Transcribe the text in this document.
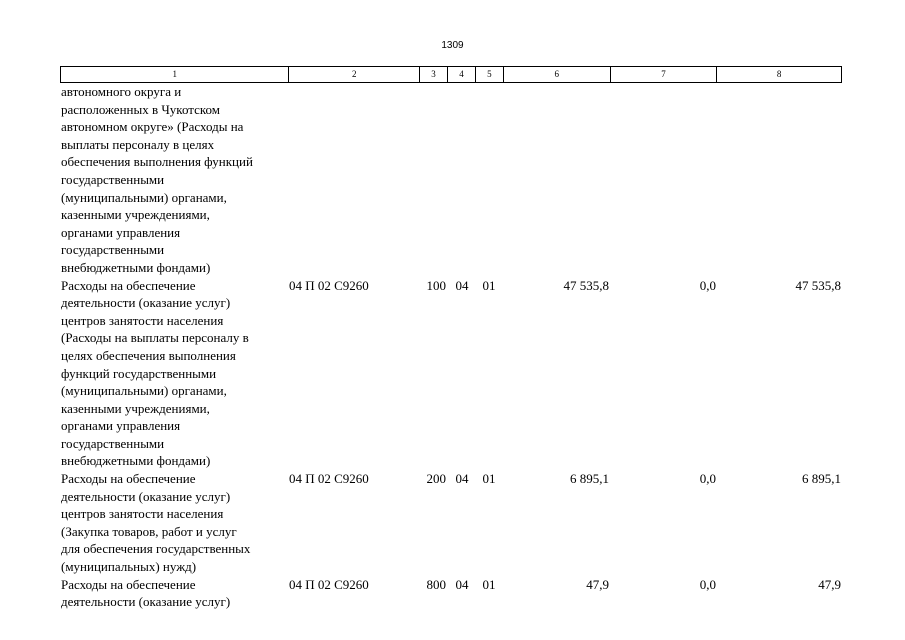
1309
1	2	3	4	5	6	7	8
автономного округа и
расположенных в Чукотском
автономном округе» (Расходы на
выплаты персоналу в целях
обеспечения выполнения функций
государственными
(муниципальными) органами,
казенными учреждениями,
органами управления
государственными
внебюджетными фондами)
Расходы на обеспечение
деятельности (оказание услуг)
центров занятости населения
(Расходы на выплаты персоналу в
целях обеспечения выполнения
функций государственными
(муниципальными) органами,
казенными учреждениями,
органами управления
государственными
внебюджетными фондами)
04 П 02 С9260	100 04	01	47 535,8	0,0	47 535,8
Расходы на обеспечение
деятельности (оказание услуг)
центров занятости населения
(Закупка товаров, работ и услуг
для обеспечения государственных
(муниципальных) нужд)
04 П 02 С9260	200 04	01	6 895,1	0,0	6 895,1
Расходы на обеспечение
деятельности (оказание услуг)
04 П 02 С9260	800 04	01	47,9	0,0	47,9
